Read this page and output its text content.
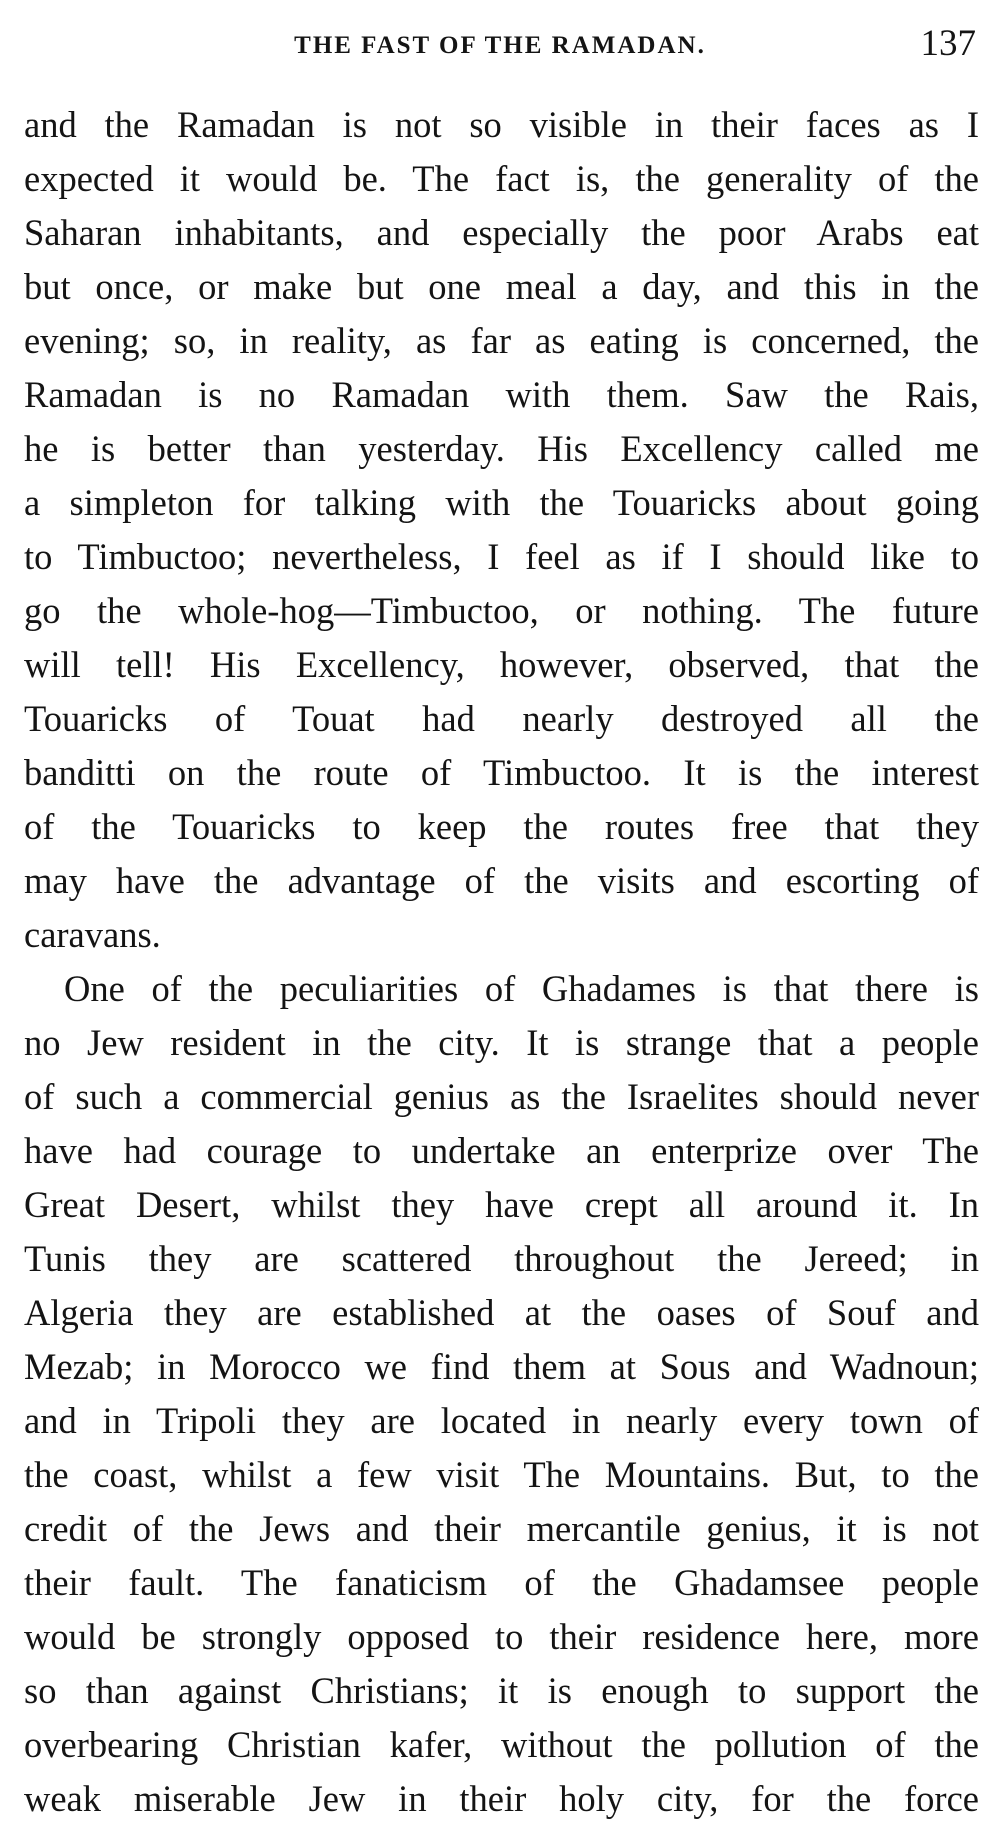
THE FAST OF THE RAMADAN.	137
and the Ramadan is not so visible in their faces as I
expected it would be. The fact is, the generality of the
Saharan inhabitants, and especially the poor Arabs eat
but once, or make but one meal a day, and this in the
evening; so, in reality, as far as eating is concerned, the
Ramadan is no Ramadan with them. Saw the Rais,
he is better than yesterday. His Excellency called me
a simpleton for talking with the Touaricks about going
to Timbuctoo; nevertheless, I feel as if I should like to
go the whole-hog—Timbuctoo, or nothing. The future
will tell! His Excellency, however, observed, that the
Touaricks of Touat had nearly destroyed all the
banditti on the route of Timbuctoo. It is the interest
of the Touaricks to keep the routes free that they
may have the advantage of the visits and escorting of
caravans.
One of the peculiarities of Ghadames is that there is
no Jew resident in the city. It is strange that a people
of such a commercial genius as the Israelites should never
have had courage to undertake an enterprize over The
Great Desert, whilst they have crept all around it. In
Tunis they are scattered throughout the Jereed; in
Algeria they are established at the oases of Souf and
Mezab; in Morocco we find them at Sous and Wadnoun;
and in Tripoli they are located in nearly every town of
the coast, whilst a few visit The Mountains. But, to the
credit of the Jews and their mercantile genius, it is not
their fault. The fanaticism of the Ghadamsee people
would be strongly opposed to their residence here, more
so than against Christians; it is enough to support the
overbearing Christian kafer, without the pollution of the
weak miserable Jew in their holy city, for the force
